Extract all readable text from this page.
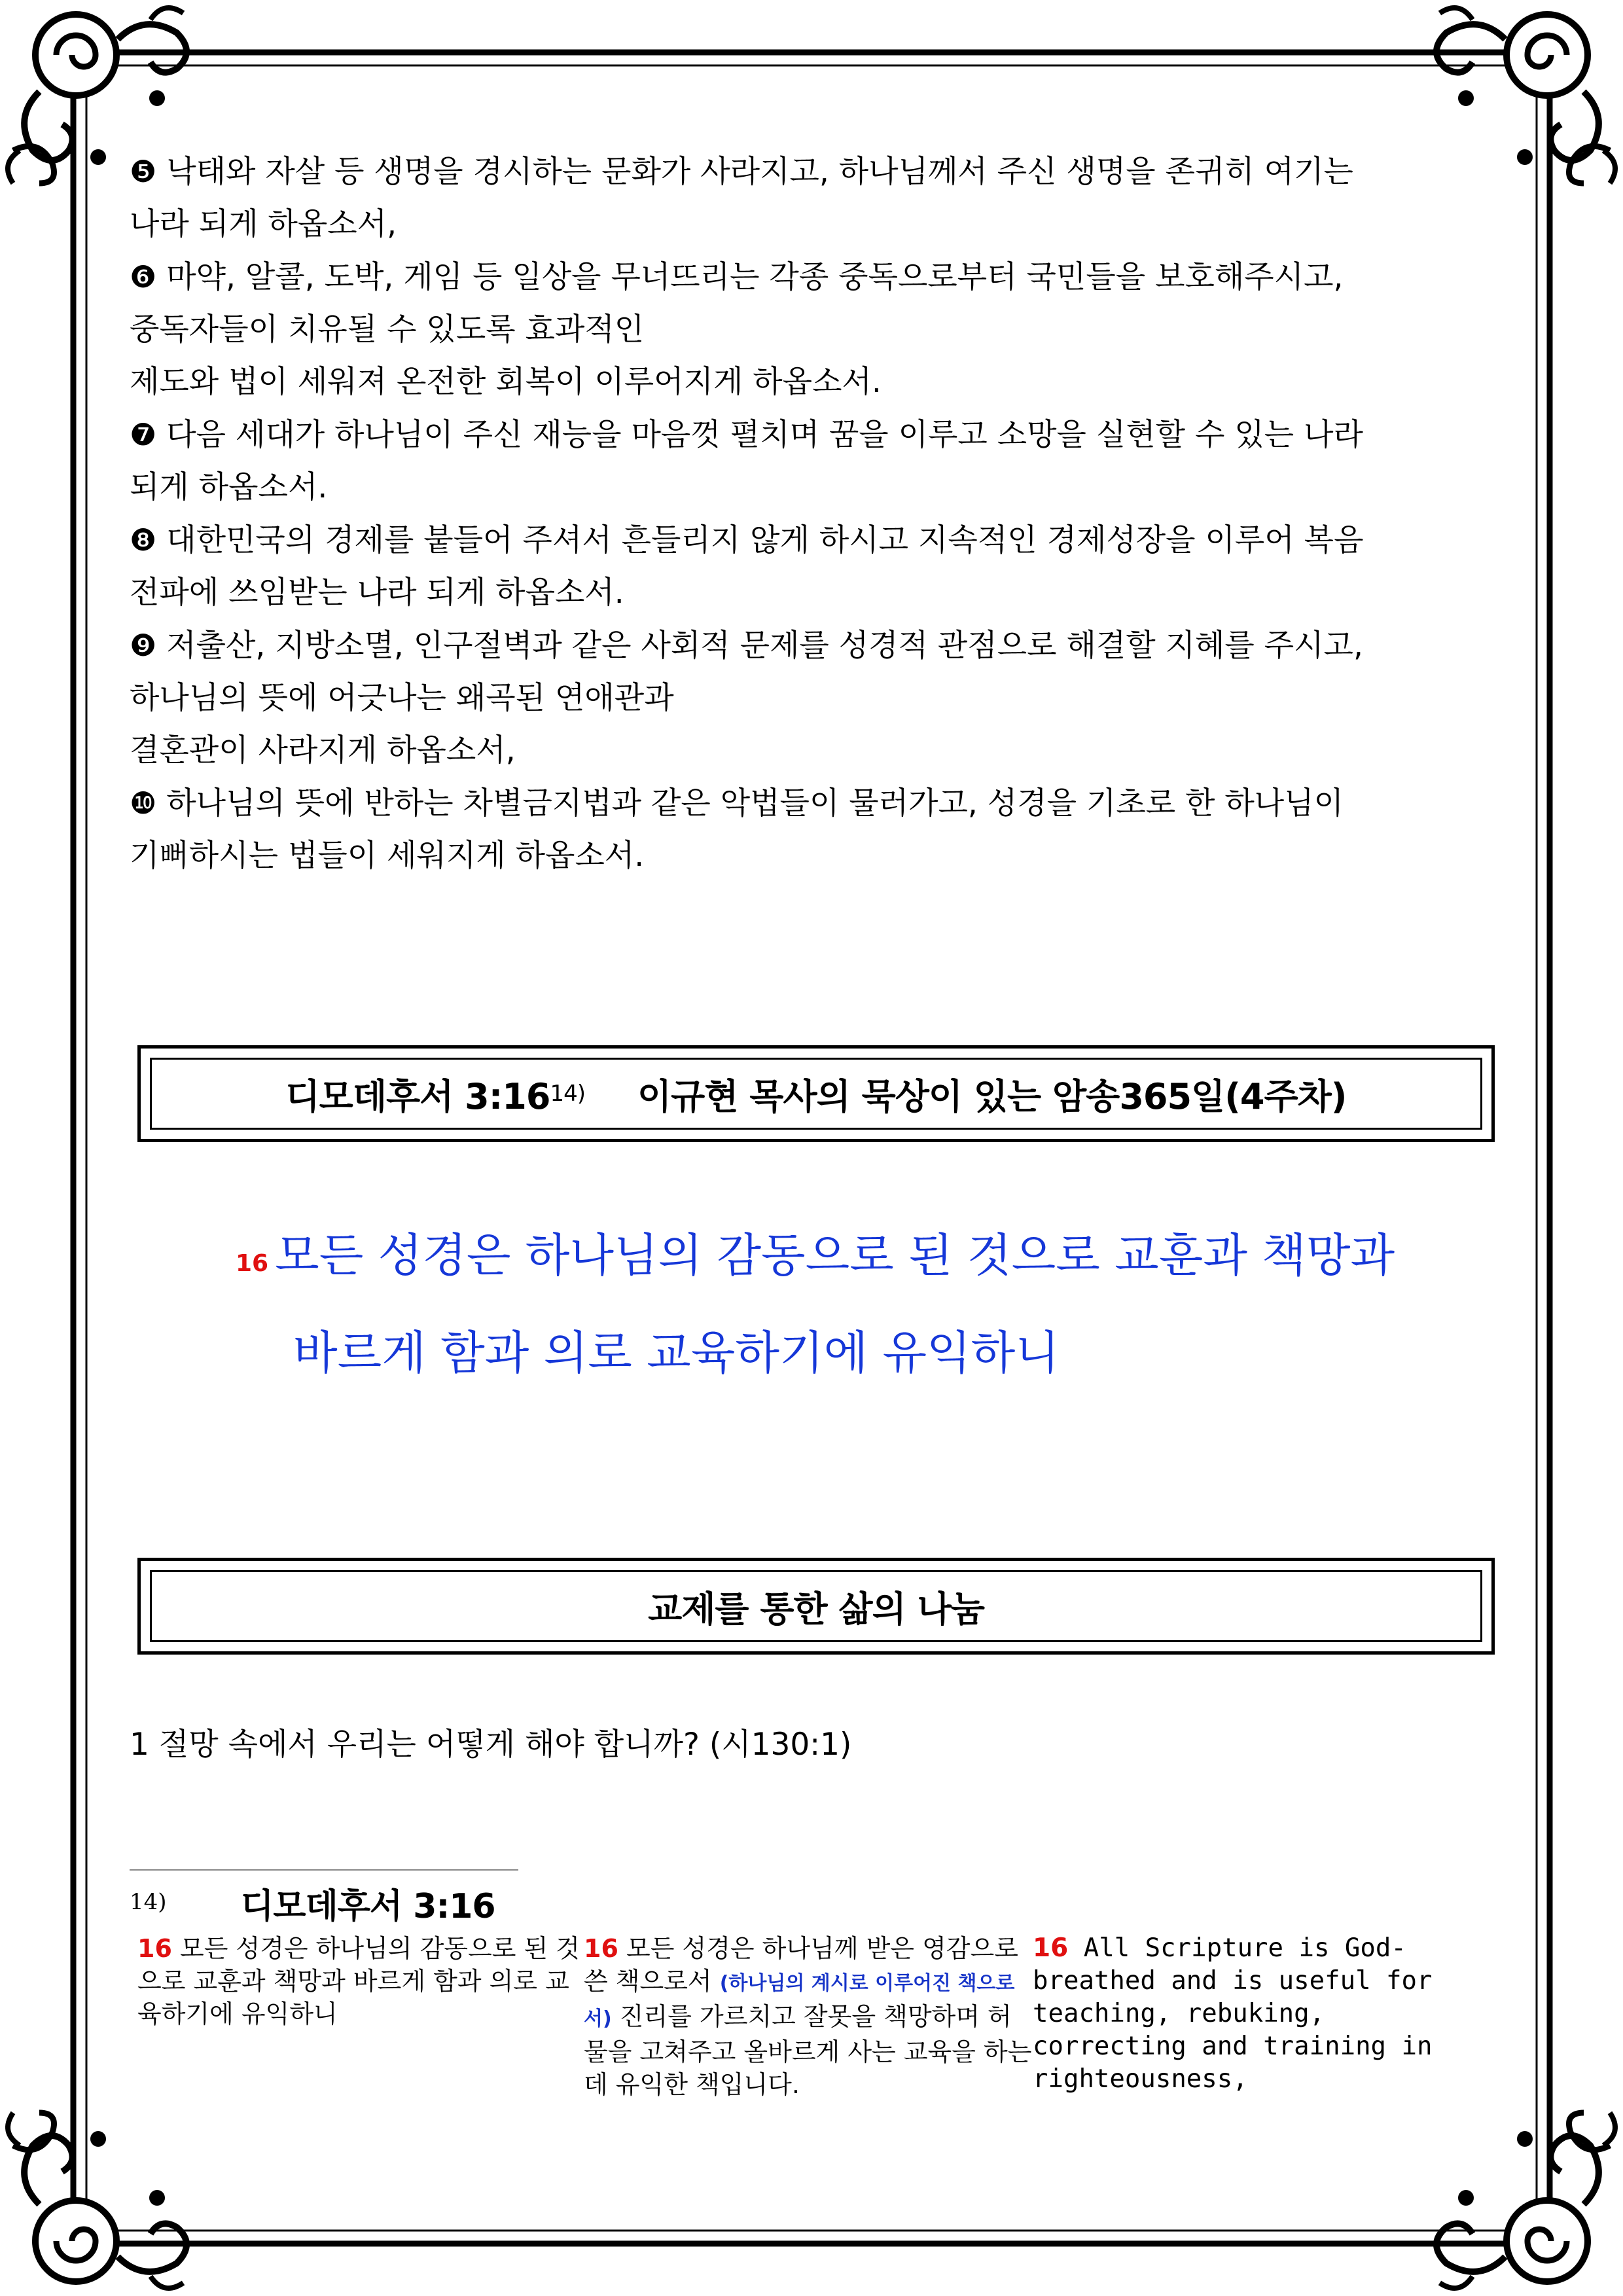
❺ 낙태와 자살 등 생명을 경시하는 문화가 사라지고, 하나님께서 주신 생명을 존귀히 여기는

나라 되게 하옵소서,

❻ 마약, 알콜, 도박, 게임 등 일상을 무너뜨리는 각종 중독으로부터 국민들을 보호해주시고,

중독자들이 치유될 수 있도록 효과적인

제도와 법이 세워져 온전한 회복이 이루어지게 하옵소서.

❼ 다음 세대가 하나님이 주신 재능을 마음껏 펼치며 꿈을 이루고 소망을 실현할 수 있는 나라

되게 하옵소서.

❽ 대한민국의 경제를 붙들어 주셔서 흔들리지 않게 하시고 지속적인 경제성장을 이루어 복음

전파에 쓰임받는 나라 되게 하옵소서.

❾ 저출산, 지방소멸, 인구절벽과 같은 사회적 문제를 성경적 관점으로 해결할 지혜를 주시고,

하나님의 뜻에 어긋나는 왜곡된 연애관과

결혼관이 사라지게 하옵소서,

❿ 하나님의 뜻에 반하는 차별금지법과 같은 악법들이 물러가고, 성경을 기초로 한 하나님이

기뻐하시는 법들이 세워지게 하옵소서.

디모데후서 3:16 14) 이규현 목사의 묵상이 있는 암송365일(4주차)
16 모든 성경은 하나님의 감동으로 된 것으로 교훈과 책망과
바르게 함과 의로 교육하기에 유익하니
교제를 통한 삶의 나눔
1 절망 속에서 우리는 어떻게 해야 합니까? (시130:1)
14) 디모데후서 3:16
16 모든 성경은 하나님의 감동으로 된 것으로 교훈과 책망과 바르게 함과 의로 교육하기에 유익하니
16 모든 성경은 하나님께 받은 영감으로 쓴 책으로서 (하나님의 계시로 이루어진 책으로서) 진리를 가르치고 잘못을 책망하며 허물을 고쳐주고 올바르게 사는 교육을 하는데 유익한 책입니다.
16 All Scripture is God-breathed and is useful for teaching, rebuking, correcting and training in righteousness,
